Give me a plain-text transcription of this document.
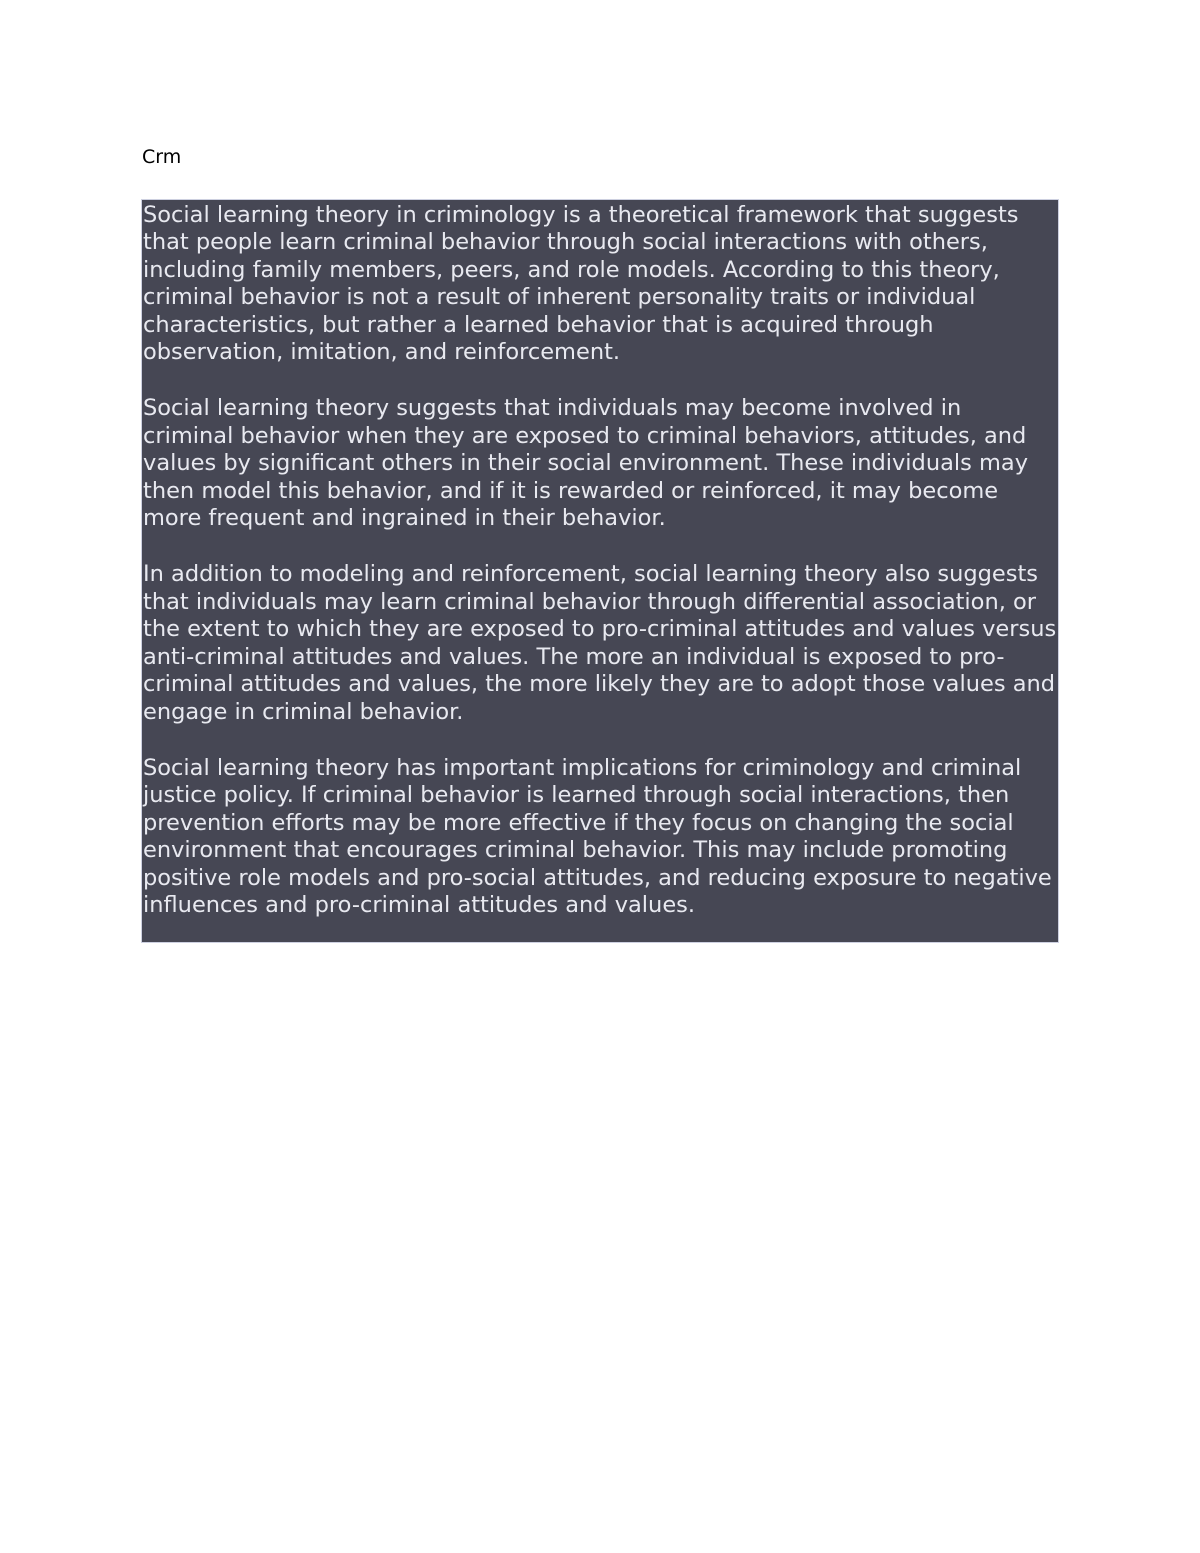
Crm

Social learning theory in criminology is a theoretical framework that suggests that people learn criminal behavior through social interactions with others, including family members, peers, and role models. According to this theory, criminal behavior is not a result of inherent personality traits or individual characteristics, but rather a learned behavior that is acquired through observation, imitation, and reinforcement.

Social learning theory suggests that individuals may become involved in criminal behavior when they are exposed to criminal behaviors, attitudes, and values by significant others in their social environment. These individuals may then model this behavior, and if it is rewarded or reinforced, it may become more frequent and ingrained in their behavior.

In addition to modeling and reinforcement, social learning theory also suggests that individuals may learn criminal behavior through differential association, or the extent to which they are exposed to pro-criminal attitudes and values versus anti-criminal attitudes and values. The more an individual is exposed to pro-criminal attitudes and values, the more likely they are to adopt those values and engage in criminal behavior.

Social learning theory has important implications for criminology and criminal justice policy. If criminal behavior is learned through social interactions, then prevention efforts may be more effective if they focus on changing the social environment that encourages criminal behavior. This may include promoting positive role models and pro-social attitudes, and reducing exposure to negative influences and pro-criminal attitudes and values.
